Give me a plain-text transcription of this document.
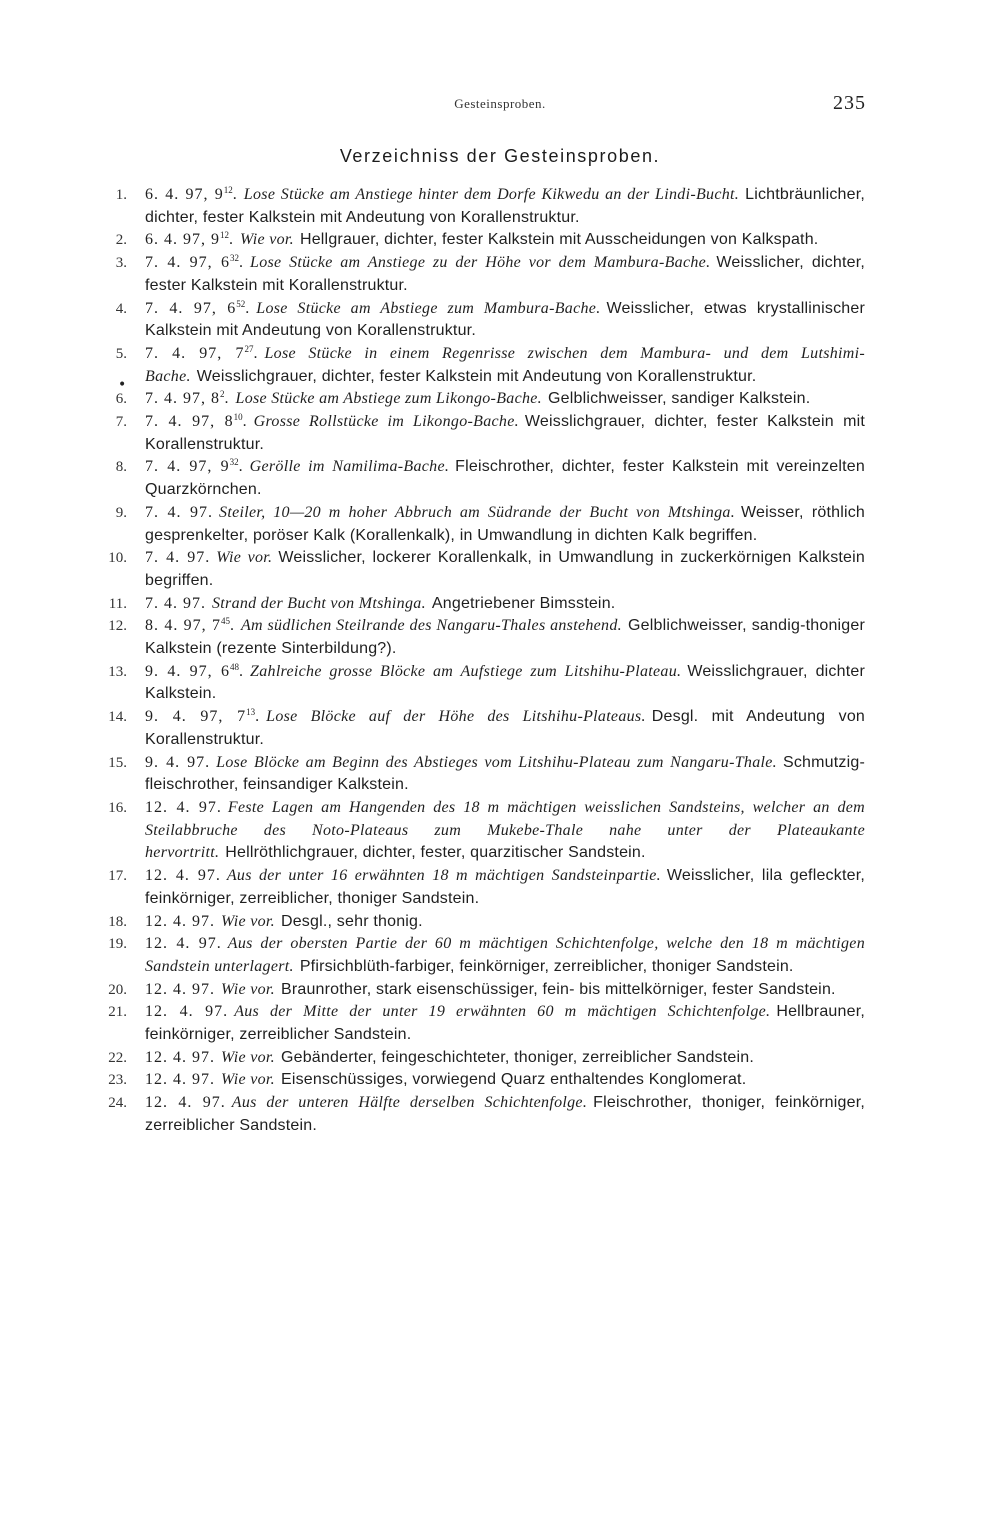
Gesteinsproben.	235
Verzeichniss der Gesteinsproben.
•

1. 6. 4. 97, $9^{12}$. Lose Stücke am Anstiege hinter dem Dorfe Kikwedu an der Lindi-Bucht. Lichtbräunlicher, dichter, fester Kalkstein mit Andeutung von Korallenstruktur.

2. 6. 4. 97, $9^{12}$. Wie vor. Hellgrauer, dichter, fester Kalkstein mit Ausscheidungen von Kalkspath.

3. 7. 4. 97, $6^{32}$. Lose Stücke am Anstiege zu der Höhe vor dem Mambura-Bache. Weisslicher, dichter, fester Kalkstein mit Korallenstruktur.

4. 7. 4. 97, $6^{52}$. Lose Stücke am Abstiege zum Mambura-Bache. Weisslicher, etwas krystallinischer Kalkstein mit Andeutung von Korallenstruktur.

5. 7. 4. 97, $7^{27}$. Lose Stücke in einem Regenrisse zwischen dem Mambura- und dem Lutshimi-Bache. Weisslichgrauer, dichter, fester Kalkstein mit Andeutung von Korallenstruktur.

6. 7. 4. 97, $8^2$. Lose Stücke am Abstiege zum Likongo-Bache. Gelblichweisser, sandiger Kalkstein.

7. 7. 4. 97, $8^{10}$. Grosse Rollstücke im Likongo-Bache. Weisslichgrauer, dichter, fester Kalkstein mit Korallenstruktur.

8. 7. 4. 97, $9^{32}$. Gerölle im Namilima-Bache. Fleischrother, dichter, fester Kalkstein mit vereinzelten Quarzkörnchen.

9. 7. 4. 97. Steiler, 10—20 m hoher Abbruch am Südrande der Bucht von Mtshinga. Weisser, röthlich gesprenkelter, poröser Kalk (Korallenkalk), in Umwandlung in dichten Kalk begriffen.

10. 7. 4. 97. Wie vor. Weisslicher, lockerer Korallenkalk, in Umwandlung in zuckerkörnigen Kalkstein begriffen.

11. 7. 4. 97. Strand der Bucht von Mtshinga. Angetriebener Bimsstein.

12. 8. 4. 97, $7^{45}$. Am südlichen Steilrande des Nangaru-Thales anstehend. Gelblichweisser, sandig-thoniger Kalkstein (rezente Sinterbildung?).

13. 9. 4. 97, $6^{48}$. Zahlreiche grosse Blöcke am Aufstiege zum Litshihu-Plateau. Weisslichgrauer, dichter Kalkstein.

14. 9. 4. 97, $7^{13}$. Lose Blöcke auf der Höhe des Litshihu-Plateaus. Desgl. mit Andeutung von Korallenstruktur.

15. 9. 4. 97. Lose Blöcke am Beginn des Abstieges vom Litshihu-Plateau zum Nangaru-Thale. Schmutzig-fleischrother, feinsandiger Kalkstein.

16. 12. 4. 97. Feste Lagen am Hangenden des 18 m mächtigen weisslichen Sandsteins, welcher an dem Steilabbruche des Noto-Plateaus zum Mukebe-Thale nahe unter der Plateaukante hervortritt. Hellröthlichgrauer, dichter, fester, quarzitischer Sandstein.

17. 12. 4. 97. Aus der unter 16 erwähnten 18 m mächtigen Sandsteinpartie. Weisslicher, lila gefleckter, feinkörniger, zerreiblicher, thoniger Sandstein.

18. 12. 4. 97. Wie vor. Desgl., sehr thonig.

19. 12. 4. 97. Aus der obersten Partie der 60 m mächtigen Schichtenfolge, welche den 18 m mächtigen Sandstein unterlagert. Pfirsichblüth-farbiger, feinkörniger, zerreiblicher, thoniger Sandstein.

20. 12. 4. 97. Wie vor. Braunrother, stark eisenschüssiger, fein- bis mittelkörniger, fester Sandstein.

21. 12. 4. 97. Aus der Mitte der unter 19 erwähnten 60 m mächtigen Schichtenfolge. Hellbrauner, feinkörniger, zerreiblicher Sandstein.

22. 12. 4. 97. Wie vor. Gebänderter, feingeschichteter, thoniger, zerreiblicher Sandstein.

23. 12. 4. 97. Wie vor. Eisenschüssiges, vorwiegend Quarz enthaltendes Konglomerat.

24. 12. 4. 97. Aus der unteren Hälfte derselben Schichtenfolge. Fleischrother, thoniger, feinkörniger, zerreiblicher Sandstein.
